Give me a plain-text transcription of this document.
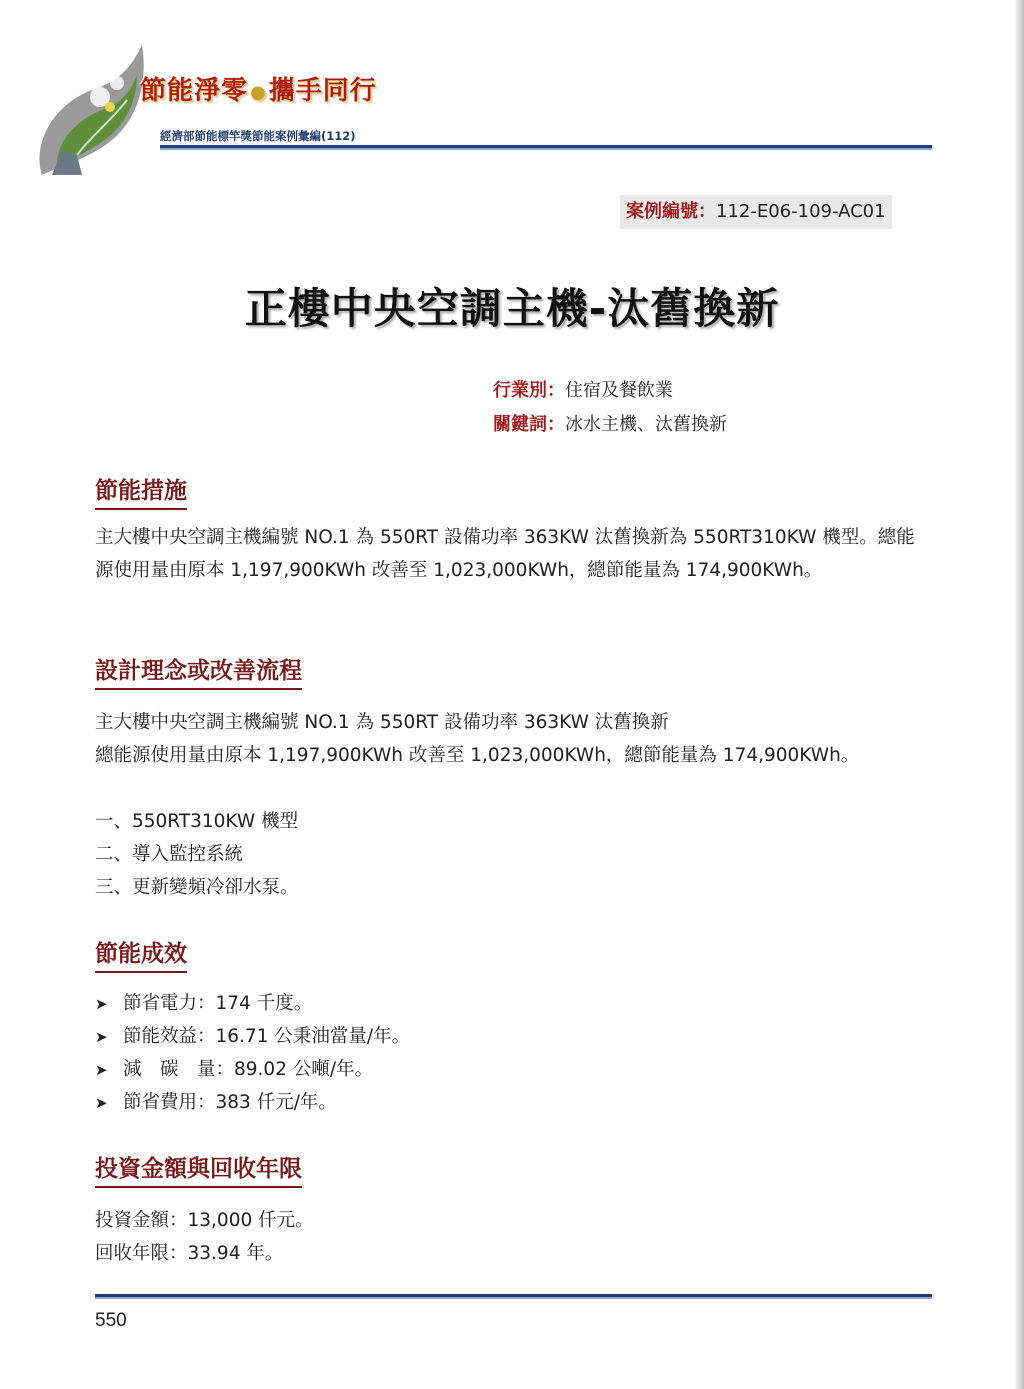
節能淨零 ●攜手同行
經濟部節能標竿獎節能案例彙編(112)
案例編號：112-E06-109-AC01
正樓中央空調主機-汰舊換新
行業別：住宿及餐飲業
關鍵詞：冰水主機、汰舊換新
節能措施
主大樓中央空調主機編號 NO.1 為 550RT 設備功率 363KW 汰舊換新為 550RT310KW 機型。總能源使用量由原本 1,197,900KWh 改善至 1,023,000KWh，總節能量為 174,900KWh。
設計理念或改善流程
主大樓中央空調主機編號 NO.1 為 550RT 設備功率 363KW 汰舊換新
總能源使用量由原本 1,197,900KWh 改善至 1,023,000KWh，總節能量為 174,900KWh。
一、550RT310KW 機型
二、導入監控系統
三、更新變頻冷卻水泵。
節能成效
➤ 節省電力：174 千度。
➤ 節能效益：16.71 公秉油當量/年。
➤ 減　碳　量：89.02 公噸/年。
➤ 節省費用：383 仟元/年。
投資金額與回收年限
投資金額：13,000 仟元。
回收年限：33.94 年。
550
